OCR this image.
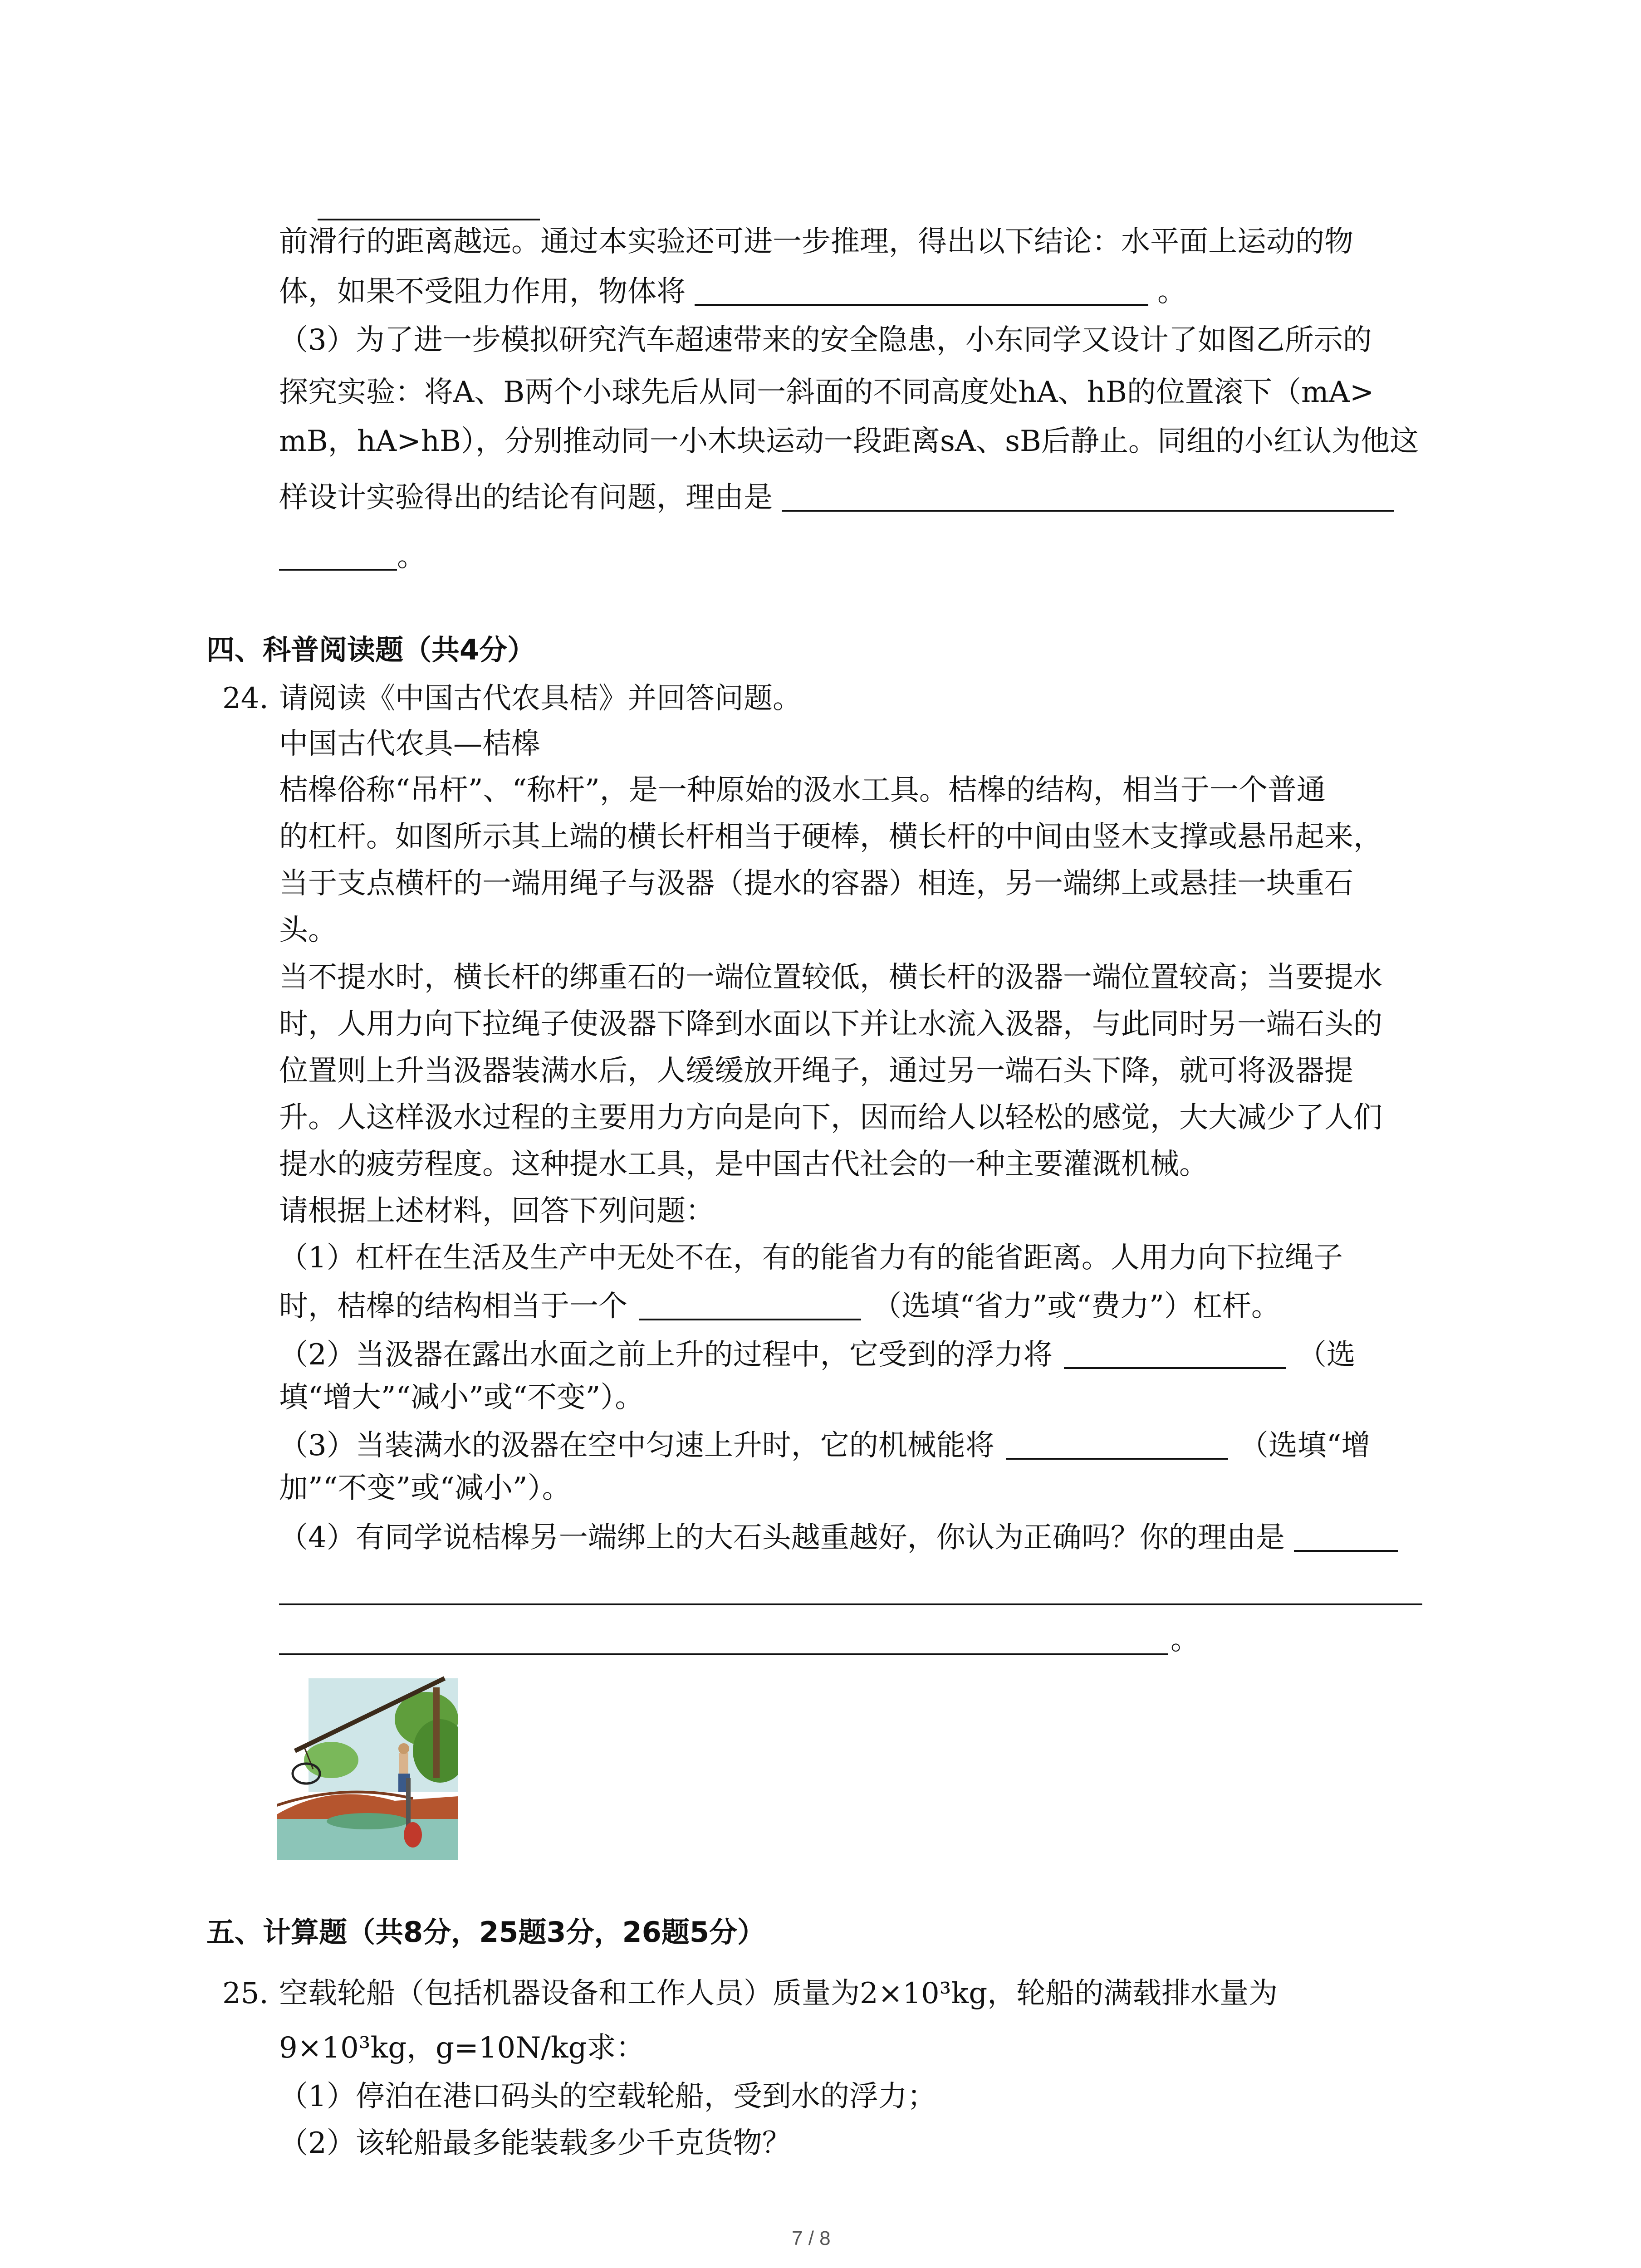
前滑行的距离越远。通过本实验还可进一步推理，得出以下结论：水平面上运动的物
体，如果不受阻力作用，物体将	。
（3）为了进一步模拟研究汽车超速带来的安全隐患，小东同学又设计了如图乙所示的
探究实验：将A、B两个小球先后从同一斜面的不同高度处hA、hB的位置滚下（mA>
mB，hA>hB），分别推动同一小木块运动一段距离sA、sB后静止。同组的小红认为他这
样设计实验得出的结论有问题，理由是
。
四、科普阅读题（共4分）
24. 请阅读《中国古代农具桔》并回答问题。
中国古代农具—桔槔
桔槔俗称“吊杆”、“称杆”，是一种原始的汲水工具。桔槔的结构，相当于一个普通
的杠杆。如图所示其上端的横长杆相当于硬棒，横长杆的中间由竖木支撑或悬吊起来，
当于支点横杆的一端用绳子与汲器（提水的容器）相连，另一端绑上或悬挂一块重石
头。
当不提水时，横长杆的绑重石的一端位置较低，横长杆的汲器一端位置较高；当要提水
时，人用力向下拉绳子使汲器下降到水面以下并让水流入汲器，与此同时另一端石头的
位置则上升当汲器装满水后，人缓缓放开绳子，通过另一端石头下降，就可将汲器提
升。人这样汲水过程的主要用力方向是向下，因而给人以轻松的感觉，大大减少了人们
提水的疲劳程度。这种提水工具，是中国古代社会的一种主要灌溉机械。
请根据上述材料，回答下列问题：
（1）杠杆在生活及生产中无处不在，有的能省力有的能省距离。人用力向下拉绳子
时，桔槔的结构相当于一个	（选填“省力”或“费力”）杠杆。
（2）当汲器在露出水面之前上升的过程中，它受到的浮力将	（选
填“增大”“减小”或“不变”）。
（3）当装满水的汲器在空中匀速上升时，它的机械能将	（选填“增
加”“不变”或“减小”）。
（4）有同学说桔槔另一端绑上的大石头越重越好，你认为正确吗？你的理由是
。
五、计算题（共8分，25题3分，26题5分）
25. 空载轮船（包括机器设备和工作人员）质量为2×10³kg，轮船的满载排水量为
9×10³kg，g=10N/kg求：
（1）停泊在港口码头的空载轮船，受到水的浮力；
（2）该轮船最多能装载多少千克货物？
7 / 8
